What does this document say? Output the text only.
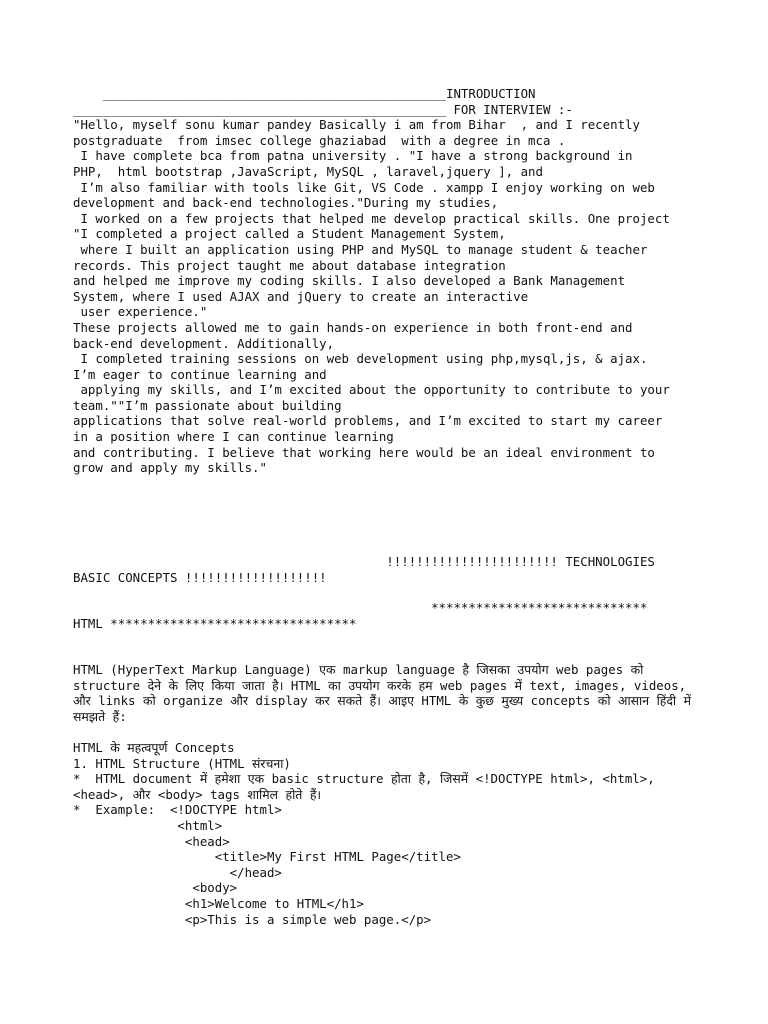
______________________________________________INTRODUCTION
__________________________________________________ FOR INTERVIEW :-
"Hello, myself sonu kumar pandey Basically i am from Bihar  , and I recently
postgraduate  from imsec college ghaziabad  with a degree in mca .
I have complete bca from patna university . "I have a strong background in
PHP,  html bootstrap ,JavaScript, MySQL , laravel,jquery ], and
I’m also familiar with tools like Git, VS Code . xampp I enjoy working on web
development and back-end technologies."During my studies,
I worked on a few projects that helped me develop practical skills. One project
"I completed a project called a Student Management System,
where I built an application using PHP and MySQL to manage student & teacher
records. This project taught me about database integration
and helped me improve my coding skills. I also developed a Bank Management
System, where I used AJAX and jQuery to create an interactive
user experience."
These projects allowed me to gain hands-on experience in both front-end and
back-end development. Additionally,
I completed training sessions on web development using php,mysql,js, & ajax.
I’m eager to continue learning and
applying my skills, and I’m excited about the opportunity to contribute to your
team.""I’m passionate about building
applications that solve real-world problems, and I’m excited to start my career
in a position where I can continue learning
and contributing. I believe that working here would be an ideal environment to
grow and apply my skills."
!!!!!!!!!!!!!!!!!!!!!!! TECHNOLOGIES
BASIC CONCEPTS !!!!!!!!!!!!!!!!!!!
*****************************
HTML *********************************
HTML (HyperText Markup Language) एक markup language है जिसका उपयोग web pages को
structure देने के लिए किया जाता है। HTML का उपयोग करके हम web pages में text, images, videos,
और links को organize और display कर सकते हैं। आइए HTML के कुछ मुख्य concepts को आसान हिंदी में
समझते हैं:
HTML के महत्वपूर्ण Concepts
1. HTML Structure (HTML संरचना)
*  HTML document में हमेशा एक basic structure होता है, जिसमें <!DOCTYPE html>, <html>,
<head>, और <body> tags शामिल होते हैं।
*  Example:  <!DOCTYPE html>
<html>
<head>
<title>My First HTML Page</title>
</head>
<body>
<h1>Welcome to HTML</h1>
<p>This is a simple web page.</p>
